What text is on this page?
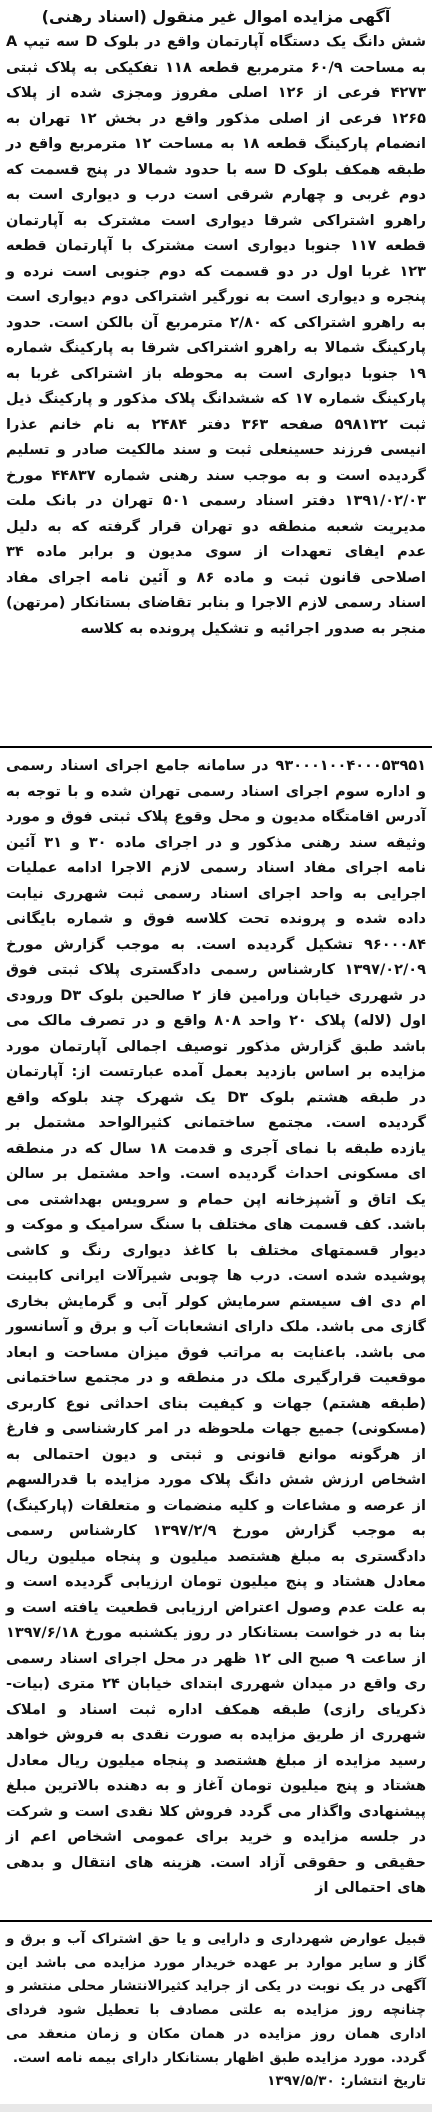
آگهی مزایده اموال غیر منقول (اسناد رهنی)

شش دانگ یک دستگاه آپارتمان واقع در بلوک D سه تیپ A به مساحت ۶۰/۹ مترمربع قطعه ۱۱۸ تفکیکی به پلاک ثبتی ۴۲۷۳ فرعی از ۱۲۶ اصلی مفروز ومجزی شده از پلاک ۱۲۶۵ فرعی از اصلی مذکور واقع در بخش ۱۲ تهران به انضمام پارکینگ قطعه ۱۸ به مساحت ۱۲ مترمربع واقع در طبقه همکف بلوک D سه با حدود شمالا در پنج قسمت که دوم غربی و چهارم شرقی است درب و دیواری است به راهرو اشتراکی شرقا دیواری است مشترک به آپارتمان قطعه ۱۱۷ جنوبا دیواری است مشترک با آپارتمان قطعه ۱۲۳ غربا اول در دو قسمت که دوم جنوبی است نرده و پنجره و دیواری است به نورگیر اشتراکی دوم دیواری است به راهرو اشتراکی که ۲/۸۰ مترمربع آن بالکن است. حدود پارکینگ شمالا به راهرو اشتراکی شرقا به پارکینگ شماره ۱۹ جنوبا دیواری است به محوطه باز اشتراکی غربا به پارکینگ شماره ۱۷ که ششدانگ پلاک مذکور و پارکینگ ذیل ثبت ۵۹۸۱۳۲ صفحه ۳۶۳ دفتر ۲۴۸۴ به نام خانم عذرا انیسی فرزند حسینعلی ثبت و سند مالکیت صادر و تسلیم گردیده است و به موجب سند رهنی شماره ۴۴۸۳۷ مورخ ۱۳۹۱/۰۲/۰۳ دفتر اسناد رسمی ۵۰۱ تهران در بانک ملت مدیریت شعبه منطقه دو تهران قرار گرفته که به دلیل عدم ایفای تعهدات از سوی مدیون و برابر ماده ۳۴ اصلاحی قانون ثبت و ماده ۸۶ و آئین نامه اجرای مفاد اسناد رسمی لازم الاجرا و بنابر تقاضای بستانکار (مرتهن) منجر به صدور اجرائیه و تشکیل پرونده به کلاسه

۹۳۰۰۰۱۰۰۴۰۰۰۵۳۹۵۱ در سامانه جامع اجرای اسناد رسمی و اداره سوم اجرای اسناد رسمی تهران شده و با توجه به آدرس اقامتگاه مدیون و محل وقوع پلاک ثبتی فوق و مورد وثیقه سند رهنی مذکور و در اجرای ماده ۳۰ و ۳۱ آئین نامه اجرای مفاد اسناد رسمی لازم الاجرا ادامه عملیات اجرایی به واحد اجرای اسناد رسمی ثبت شهرری نیابت داده شده و پرونده تحت کلاسه فوق و شماره بایگانی ۹۶۰۰۰۸۴ تشکیل گردیده است. به موجب گزارش مورخ ۱۳۹۷/۰۲/۰۹ کارشناس رسمی دادگستری پلاک ثبتی فوق در شهرری خیابان ورامین فاز ۲ صالحین بلوک D۳ ورودی اول (لاله) پلاک ۲۰ واحد ۸۰۸ واقع و در تصرف مالک می باشد طبق گزارش مذکور توصیف اجمالی آپارتمان مورد مزایده بر اساس بازدید بعمل آمده عبارتست از: آپارتمان در طبقه هشتم بلوک D۳ یک شهرک چند بلوکه واقع گردیده است. مجتمع ساختمانی کثیرالواحد مشتمل بر یازده طبقه با نمای آجری و قدمت ۱۸ سال که در منطقه ای مسکونی احداث گردیده است. واحد مشتمل بر سالن یک اتاق و آشپزخانه اپن حمام و سرویس بهداشتی می باشد. کف قسمت های مختلف با سنگ سرامیک و موکت و دیوار قسمتهای مختلف با کاغذ دیواری رنگ و کاشی پوشیده شده است. درب ها چوبی شیرآلات ایرانی کابینت ام دی اف سیستم سرمایش کولر آبی و گرمایش بخاری گازی می باشد. ملک دارای انشعابات آب و برق و آسانسور می باشد. باعنایت به مراتب فوق میزان مساحت و ابعاد موقعیت قرارگیری ملک در منطقه و در مجتمع ساختمانی (طبقه هشتم) جهات و کیفیت بنای احداثی نوع کاربری (مسکونی) جمیع جهات ملحوظه در امر کارشناسی و فارغ از هرگونه موانع قانونی و ثبتی و دیون احتمالی به اشخاص ارزش شش دانگ پلاک مورد مزایده با قدرالسهم از عرصه و مشاعات و کلیه منضمات و متعلقات (پارکینگ) به موجب گزارش مورخ ۱۳۹۷/۲/۹ کارشناس رسمی دادگستری به مبلغ هشتصد میلیون و پنجاه میلیون ریال معادل هشتاد و پنج میلیون تومان ارزیابی گردیده است و به علت عدم وصول اعتراض ارزیابی قطعیت یافته است و بنا به در خواست بستانکار در روز یکشنبه مورخ ۱۳۹۷/۶/۱۸ از ساعت ۹ صبح الی ۱۲ ظهر در محل اجرای اسناد رسمی ری واقع در میدان شهرری ابتدای خیابان ۲۴ متری (بیات- ذکریای رازی) طبقه همکف اداره ثبت اسناد و املاک شهرری از طریق مزایده به صورت نقدی به فروش خواهد رسید مزایده از مبلغ هشتصد و پنجاه میلیون ریال معادل هشتاد و پنج میلیون تومان آغاز و به دهنده بالاترین مبلغ پیشنهادی واگذار می گردد فروش کلا نقدی است و شرکت در جلسه مزایده و خرید برای عمومی اشخاص اعم از حقیقی و حقوقی آزاد است. هزینه های انتقال و بدهی های احتمالی از

قبیل عوارض شهرداری و دارایی و یا حق اشتراک آب و برق و گاز و سایر موارد بر عهده خریدار مورد مزایده می باشد این آگهی در یک نوبت در یکی از جراید کثیرالانتشار محلی منتشر و چنانچه روز مزایده به علتی مصادف با تعطیل شود فردای اداری همان روز مزایده در همان مکان و زمان منعقد می گردد. مورد مزایده طبق اظهار بستانکار دارای بیمه نامه است.

تاریخ انتشار: ۱۳۹۷/۵/۳۰
